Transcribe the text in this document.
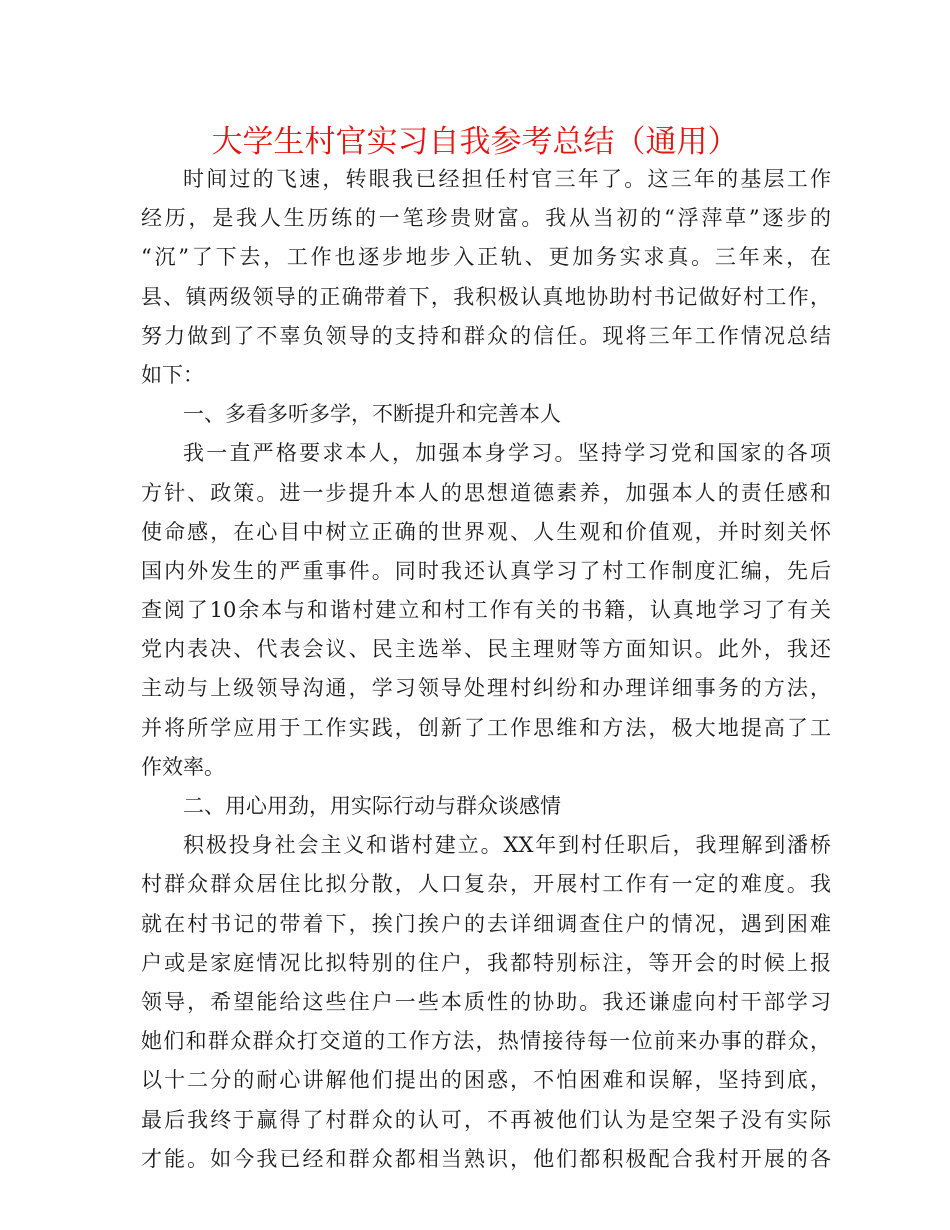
大学生村官实习自我参考总结（通用）
时间过的飞速，转眼我已经担任村官三年了。这三年的基层工作
经历，是我人生历练的一笔珍贵财富。我从当初的“浮萍草”逐步的
“沉”了下去，工作也逐步地步入正轨、更加务实求真。三年来，在
县、镇两级领导的正确带着下，我积极认真地协助村书记做好村工作，
努力做到了不辜负领导的支持和群众的信任。现将三年工作情况总结
如下：
一、多看多听多学，不断提升和完善本人
我一直严格要求本人，加强本身学习。坚持学习党和国家的各项
方针、政策。进一步提升本人的思想道德素养，加强本人的责任感和
使命感，在心目中树立正确的世界观、人生观和价值观，并时刻关怀
国内外发生的严重事件。同时我还认真学习了村工作制度汇编，先后
查阅了10余本与和谐村建立和村工作有关的书籍，认真地学习了有关
党内表决、代表会议、民主选举、民主理财等方面知识。此外，我还
主动与上级领导沟通，学习领导处理村纠纷和办理详细事务的方法，
并将所学应用于工作实践，创新了工作思维和方法，极大地提高了工
作效率。
二、用心用劲，用实际行动与群众谈感情
积极投身社会主义和谐村建立。XX年到村任职后，我理解到潘桥
村群众群众居住比拟分散，人口复杂，开展村工作有一定的难度。我
就在村书记的带着下，挨门挨户的去详细调查住户的情况，遇到困难
户或是家庭情况比拟特别的住户，我都特别标注，等开会的时候上报
领导，希望能给这些住户一些本质性的协助。我还谦虚向村干部学习
她们和群众群众打交道的工作方法，热情接待每一位前来办事的群众，
以十二分的耐心讲解他们提出的困惑，不怕困难和误解，坚持到底，
最后我终于赢得了村群众的认可，不再被他们认为是空架子没有实际
才能。如今我已经和群众都相当熟识，他们都积极配合我村开展的各
